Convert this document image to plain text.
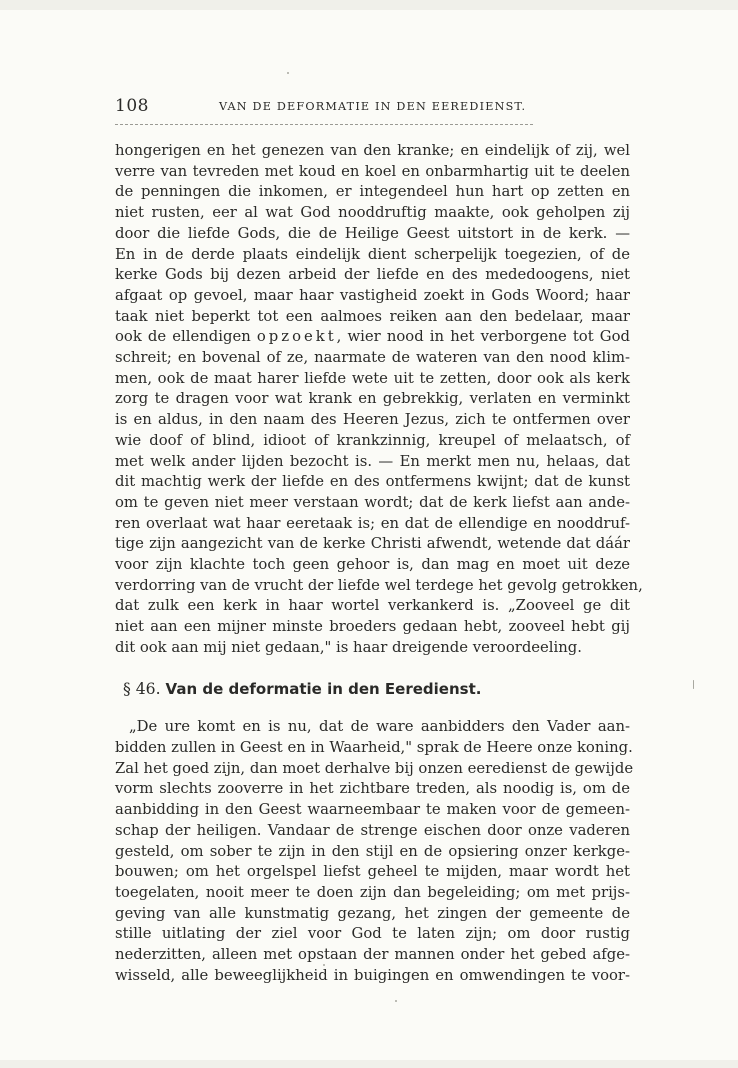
108	VAN DE DEFORMATIE IN DEN EEREDIENST.

hongerigen en het genezen van den kranke; en eindelijk of zij, wel
verre van tevreden met koud en koel en onbarmhartig uit te deelen
de penningen die inkomen, er integendeel hun hart op zetten en
niet rusten, eer al wat God nooddruftig maakte, ook geholpen zij
door die liefde Gods, die de Heilige Geest uitstort in de kerk. —
En in de derde plaats eindelijk dient scherpelijk toegezien, of de
kerke Gods bij dezen arbeid der liefde en des mededoogens, niet
afgaat op gevoel, maar haar vastigheid zoekt in Gods Woord; haar
taak niet beperkt tot een aalmoes reiken aan den bedelaar, maar
ook de ellendigen opzoekt, wier nood in het verborgene tot God
schreit; en bovenal of ze, naarmate de wateren van den nood klim-
men, ook de maat harer liefde wete uit te zetten, door ook als kerk
zorg te dragen voor wat krank en gebrekkig, verlaten en verminkt
is en aldus, in den naam des Heeren Jezus, zich te ontfermen over
wie doof of blind, idioot of krankzinnig, kreupel of melaatsch, of
met welk ander lijden bezocht is. — En merkt men nu, helaas, dat
dit machtig werk der liefde en des ontfermens kwijnt; dat de kunst
om te geven niet meer verstaan wordt; dat de kerk liefst aan ande-
ren overlaat wat haar eeretaak is; en dat de ellendige en nooddruf-
tige zijn aangezicht van de kerke Christi afwendt, wetende dat dáár
voor zijn klachte toch geen gehoor is, dan mag en moet uit deze
verdorring van de vrucht der liefde wel terdege het gevolg getrokken,
dat zulk een kerk in haar wortel verkankerd is. „Zooveel ge dit
niet aan een mijner minste broeders gedaan hebt, zooveel hebt gij
dit ook aan mij niet gedaan," is haar dreigende veroordeeling.

§ 46. Van de deformatie in den Eeredienst.

„De ure komt en is nu, dat de ware aanbidders den Vader aan-
bidden zullen in Geest en in Waarheid," sprak de Heere onze koning.
Zal het goed zijn, dan moet derhalve bij onzen eeredienst de gewijde
vorm slechts zooverre in het zichtbare treden, als noodig is, om de
aanbidding in den Geest waarneembaar te maken voor de gemeen-
schap der heiligen. Vandaar de strenge eischen door onze vaderen
gesteld, om sober te zijn in den stijl en de opsiering onzer kerkge-
bouwen; om het orgelspel liefst geheel te mijden, maar wordt het
toegelaten, nooit meer te doen zijn dan begeleiding; om met prijs-
geving van alle kunstmatig gezang, het zingen der gemeente de
stille uitlating der ziel voor God te laten zijn; om door rustig
nederzitten, alleen met opstaan der mannen onder het gebed afge-
wisseld, alle beweeglijkheid in buigingen en omwendingen te voor-
